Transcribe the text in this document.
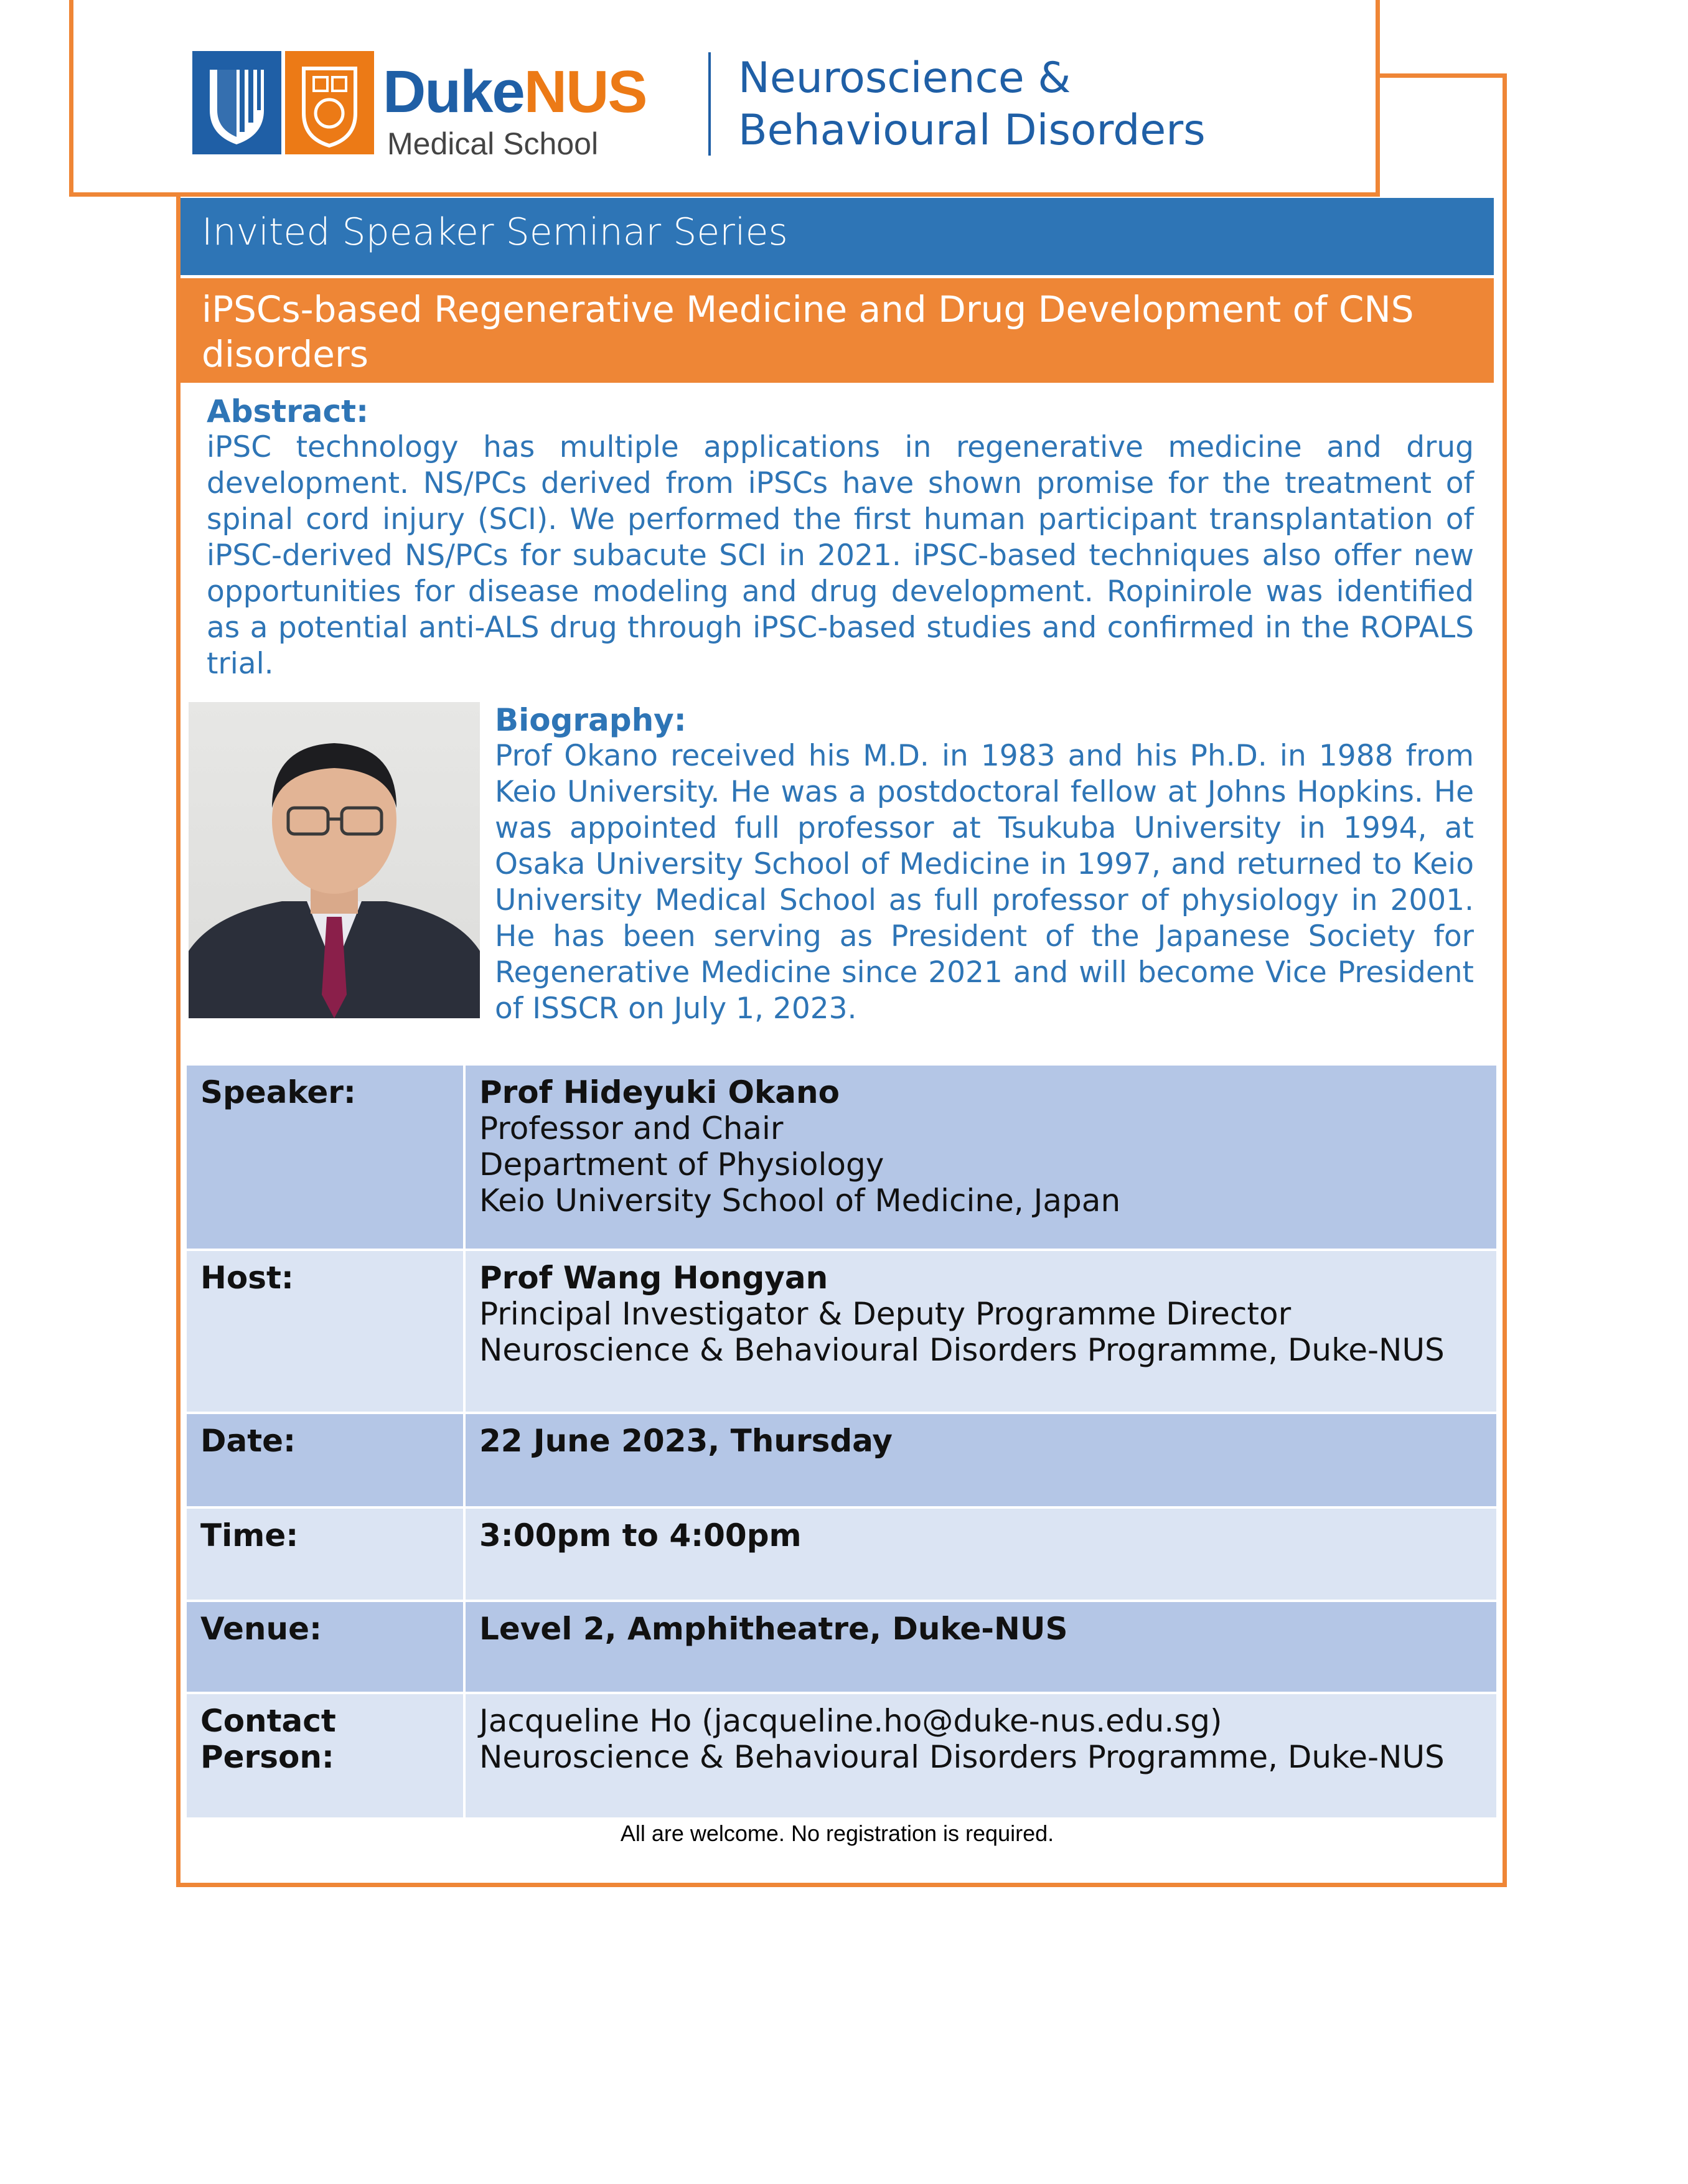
DukeNUS
Medical School
Neuroscience &
Behavioural Disorders
Invited Speaker Seminar Series
iPSCs-based Regenerative Medicine and Drug Development of CNS disorders
Abstract:
iPSC technology has multiple applications in regenerative medicine and drug development. NS/PCs derived from iPSCs have shown promise for the treatment of spinal cord injury (SCI). We performed the first human participant transplantation of iPSC-derived NS/PCs for subacute SCI in 2021. iPSC-based techniques also offer new opportunities for disease modeling and drug development. Ropinirole was identified as a potential anti-ALS drug through iPSC-based studies and confirmed in the ROPALS trial.
Biography:
Prof Okano received his M.D. in 1983 and his Ph.D. in 1988 from Keio University. He was a postdoctoral fellow at Johns Hopkins. He was appointed full professor at Tsukuba University in 1994, at Osaka University School of Medicine in 1997, and returned to Keio University Medical School as full professor of physiology in 2001. He has been serving as President of the Japanese Society for Regenerative Medicine since 2021 and will become Vice President of ISSCR on July 1, 2023.
Speaker:	Prof Hideyuki Okano
Professor and Chair
Department of Physiology
Keio University School of Medicine, Japan

Host:	Prof Wang Hongyan
Principal Investigator & Deputy Programme Director
Neuroscience & Behavioural Disorders Programme, Duke-NUS

Date:	22 June 2023, Thursday
Time:	3:00pm to 4:00pm
Venue:	Level 2, Amphitheatre, Duke-NUS
Contact Person:	Jacqueline Ho (jacqueline.ho@duke-nus.edu.sg)
Neuroscience & Behavioural Disorders Programme, Duke-NUS
All are welcome. No registration is required.
